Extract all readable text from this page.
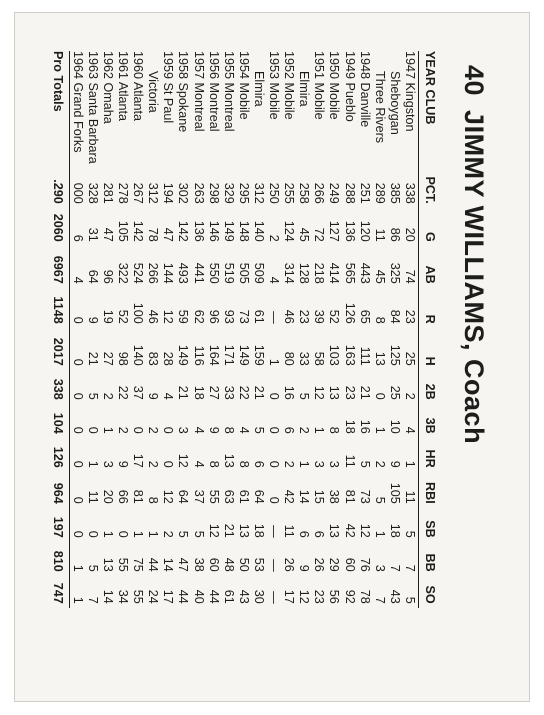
40JIMMY WILLIAMS, Coach
YEAR CLUB	PCT.	G	AB	R	H	2B	3B	HR	RBI	SB	BB	SO
1947 Kingston	338	20	74	23	25	2	4	1	11	5	7	5
Sheboygan	385	86	325	84	125	25	10	9	105	18	7	43
Three Rivers	289	11	45	8	13	0	1	2	5	1	3	7
1948 Danville	251	120	443	65	111	21	16	5	73	12	76	78
1949 Pueblo	288	136	565	126	163	23	18	11	81	42	60	92
1950 Mobile	249	127	414	52	103	13	8	3	38	13	29	56
1951 Mobile	266	72	218	39	58	12	1	3	15	6	26	23
Elmira	258	45	128	23	33	5	2	1	14	6	9	12
1952 Mobile	255	124	314	46	80	16	6	2	42	11	26	17
1953 Mobile	250	2	4	—	1	0	0	0	0	—	—	—
Elmira	312	140	509	61	159	21	5	6	64	18	53	30
1954 Mobile	295	148	505	73	149	22	4	8	61	13	50	43
1955 Montreal	329	149	519	93	171	33	8	13	63	21	48	61
1956 Montreal	298	146	550	96	164	27	9	8	55	12	60	44
1957 Montreal	263	136	441	62	116	18	4	4	37	5	38	40
1958 Spokane	302	142	493	59	149	21	3	12	64	5	47	44
1959 St Paul	194	47	144	12	28	4	0	0	12	2	14	17
Victoria	312	78	266	46	83	9	2	2	8	1	44	24
1960 Atlanta	267	142	524	100	140	37	0	17	81	1	75	55
1961 Atlanta	278	105	322	52	98	22	2	9	66	0	55	34
1962 Omaha	281	47	96	19	27	2	1	3	20	1	13	14
1963 Santa Barbara	328	31	64	9	21	5	0	1	11	0	5	7
1964 Grand Forks	000	6	4	0	0	0	0	0	0	0	1	1
Pro Totals	.290	2060	6967	1148	2017	338	104	126	964	197	810	747
